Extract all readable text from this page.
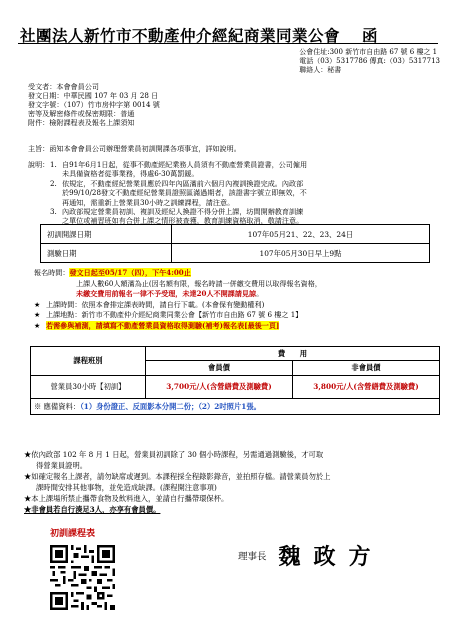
社團法人新竹市不動產仲介經紀商業同業公會 函
公會住址:300 新竹市自由路 67 號 6 樓之 1
電話（03）5317786 傳真:（03）5317713
聯絡人：秘書
受文者：本會會員公司
發文日期：中華民國 107 年 03 月 28 日
發文字號：（107）竹市房仲字第 0014 號
密等及解密條件或保密期限：普通
附件：檢附課程表及報名上課須知
主旨：函知本會會員公司辦理營業員初訓開課各項事宜，詳如說明。
說明： 1. 自91年6月1日起，從事不動產經紀業務人員須有不動產營業員證書，公司僱用
未具備資格者從事業務，得處6-30萬罰鍰。
2. 依規定，不動產經紀營業員應於四年內區滿前六個月內複訓換證完成。內政部
於99/10/28發文不動產經紀營業員證照區滿過期者，該證書字號立即無效，不
再通知，需重新上營業員30小時之訓練課程，請注意。
3. 內政部規定營業員初訓、複訓及經紀人換證不得分併上課，坊間開辦教育訓練
之單位或補習班如有合併上課之情形被查獲，教育訓練資格取消，敬請注意。
初訓開課日期	107年05月21、22、23、24日
測驗日期	107年05月30日早上9點
報名時間：發文日起至05/17（四），下午4:00止
上課人數60人額滿為止(因名額有限，報名時請一併繳交費用以取得報名資格，
未繳交費用前報名一律不予受理，未達20人不開課請見諒。
★ 上課時間：依照本會排定課表時間，請自行下載。(本會保有變動權利)
★ 上課地點：新竹市不動產仲介經紀商業同業公會【新竹市自由路 67 號 6 樓之 1】
★ 若需參與補測，請填寫不動產營業員資格取得測驗(補考)報名表[最後一頁]
課程班別	費　　用	
	會員價	非會員價
營業員30小時【初訓】	3,700元/人(含營繕費及測驗費)	3,800元/人(含營繕費及測驗費)
※ 應備資料：（1）身份證正、反面影本分開二份；（2）2吋照片1張。		
★依內政部 102 年 8 月 1 日起，營業員初訓除了 30 個小時課程，另需通過測驗後，才可取
得營業員證明。
★如確定報名上課者，請勿缺席或遲到。本課程採全程錄影錄音，並拍照存檔。請營業員勿於上
課時間安排其他事物，並免造成缺課。(課程開注意事項)
★本上課場所禁止攜帶食物及飲料進入，並請自行攜帶環保杯。
★非會員若自行湊足3人，亦享有會員價。
初訓課程表
理事長 魏政方
